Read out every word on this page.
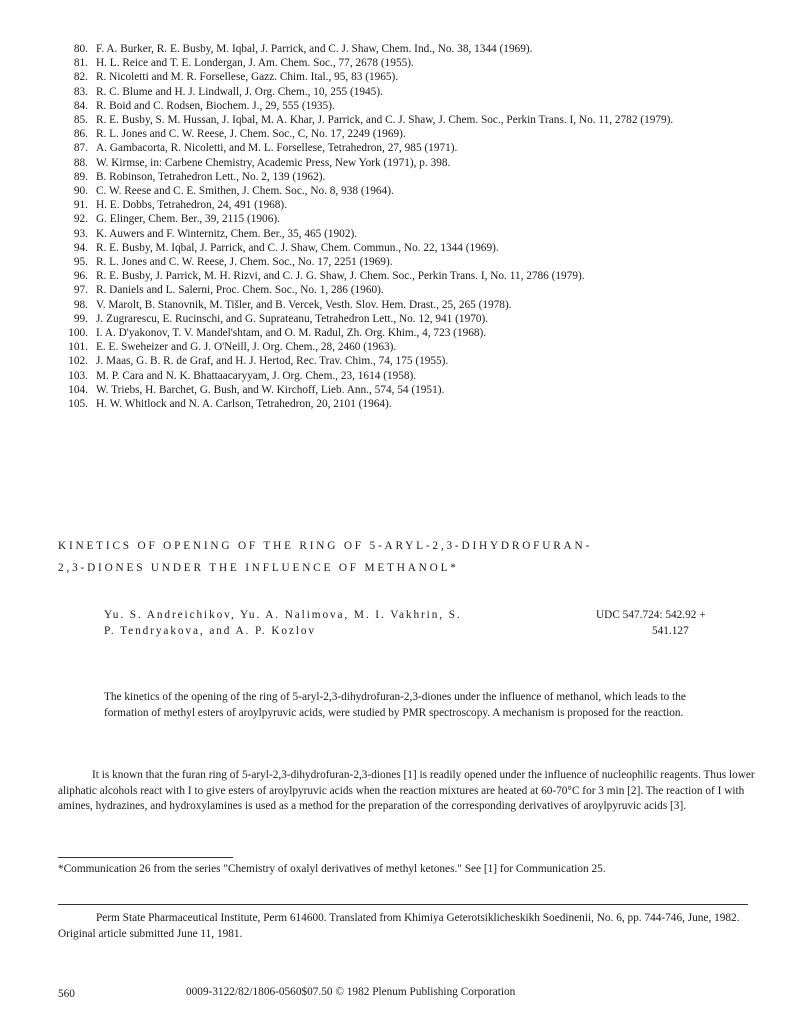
80. F. A. Burker, R. E. Busby, M. Iqbal, J. Parrick, and C. J. Shaw, Chem. Ind., No. 38, 1344 (1969).
81. H. L. Reice and T. E. Londergan, J. Am. Chem. Soc., 77, 2678 (1955).
82. R. Nicoletti and M. R. Forsellese, Gazz. Chim. Ital., 95, 83 (1965).
83. R. C. Blume and H. J. Lindwall, J. Org. Chem., 10, 255 (1945).
84. R. Boid and C. Rodsen, Biochem. J., 29, 555 (1935).
85. R. E. Busby, S. M. Hussan, J. Iqbal, M. A. Khar, J. Parrick, and C. J. Shaw, J. Chem. Soc., Perkin Trans. I, No. 11, 2782 (1979).
86. R. L. Jones and C. W. Reese, J. Chem. Soc., C, No. 17, 2249 (1969).
87. A. Gambacorta, R. Nicoletti, and M. L. Forsellese, Tetrahedron, 27, 985 (1971).
88. W. Kirmse, in: Carbene Chemistry, Academic Press, New York (1971), p. 398.
89. B. Robinson, Tetrahedron Lett., No. 2, 139 (1962).
90. C. W. Reese and C. E. Smithen, J. Chem. Soc., No. 8, 938 (1964).
91. H. E. Dobbs, Tetrahedron, 24, 491 (1968).
92. G. Elinger, Chem. Ber., 39, 2115 (1906).
93. K. Auwers and F. Winternitz, Chem. Ber., 35, 465 (1902).
94. R. E. Busby, M. Iqbal, J. Parrick, and C. J. Shaw, Chem. Commun., No. 22, 1344 (1969).
95. R. L. Jones and C. W. Reese, J. Chem. Soc., No. 17, 2251 (1969).
96. R. E. Busby, J. Parrick, M. H. Rizvi, and C. J. G. Shaw, J. Chem. Soc., Perkin Trans. I, No. 11, 2786 (1979).
97. R. Daniels and L. Salerni, Proc. Chem. Soc., No. 1, 286 (1960).
98. V. Marolt, B. Stanovnik, M. Tišler, and B. Vercek, Vesth. Slov. Hem. Drast., 25, 265 (1978).
99. J. Zugrarescu, E. Rucinschi, and G. Suprateanu, Tetrahedron Lett., No. 12, 941 (1970).
100. I. A. D'yakonov, T. V. Mandel'shtam, and O. M. Radul, Zh. Org. Khim., 4, 723 (1968).
101. E. E. Sweheizer and G. J. O'Neill, J. Org. Chem., 28, 2460 (1963).
102. J. Maas, G. B. R. de Graf, and H. J. Hertod, Rec. Trav. Chim., 74, 175 (1955).
103. M. P. Cara and N. K. Bhattaacaryyam, J. Org. Chem., 23, 1614 (1958).
104. W. Triebs, H. Barchet, G. Bush, and W. Kirchoff, Lieb. Ann., 574, 54 (1951).
105. H. W. Whitlock and N. A. Carlson, Tetrahedron, 20, 2101 (1964).
KINETICS OF OPENING OF THE RING OF 5-ARYL-2,3-DIHYDROFURAN-2,3-DIONES UNDER THE INFLUENCE OF METHANOL*
Yu. S. Andreichikov, Yu. A. Nalimova, M. I. Vakhrin, S. P. Tendryakova, and A. P. Kozlov
UDC 547.724: 542.92 +
541.127
The kinetics of the opening of the ring of 5-aryl-2,3-dihydrofuran-2,3-diones under the influence of methanol, which leads to the formation of methyl esters of aroylpyruvic acids, were studied by PMR spectroscopy. A mechanism is proposed for the reaction.
It is known that the furan ring of 5-aryl-2,3-dihydrofuran-2,3-diones [1] is readily opened under the influence of nucleophilic reagents. Thus lower aliphatic alcohols react with I to give esters of aroylpyruvic acids when the reaction mixtures are heated at 60-70°C for 3 min [2]. The reaction of I with amines, hydrazines, and hydroxylamines is used as a method for the preparation of the corresponding derivatives of aroylpyruvic acids [3].
*Communication 26 from the series "Chemistry of oxalyl derivatives of methyl ketones." See [1] for Communication 25.
Perm State Pharmaceutical Institute, Perm 614600. Translated from Khimiya Geterotsiklicheskikh Soedinenii, No. 6, pp. 744-746, June, 1982. Original article submitted June 11, 1981.
560	0009-3122/82/1806-0560$07.50 © 1982 Plenum Publishing Corporation
